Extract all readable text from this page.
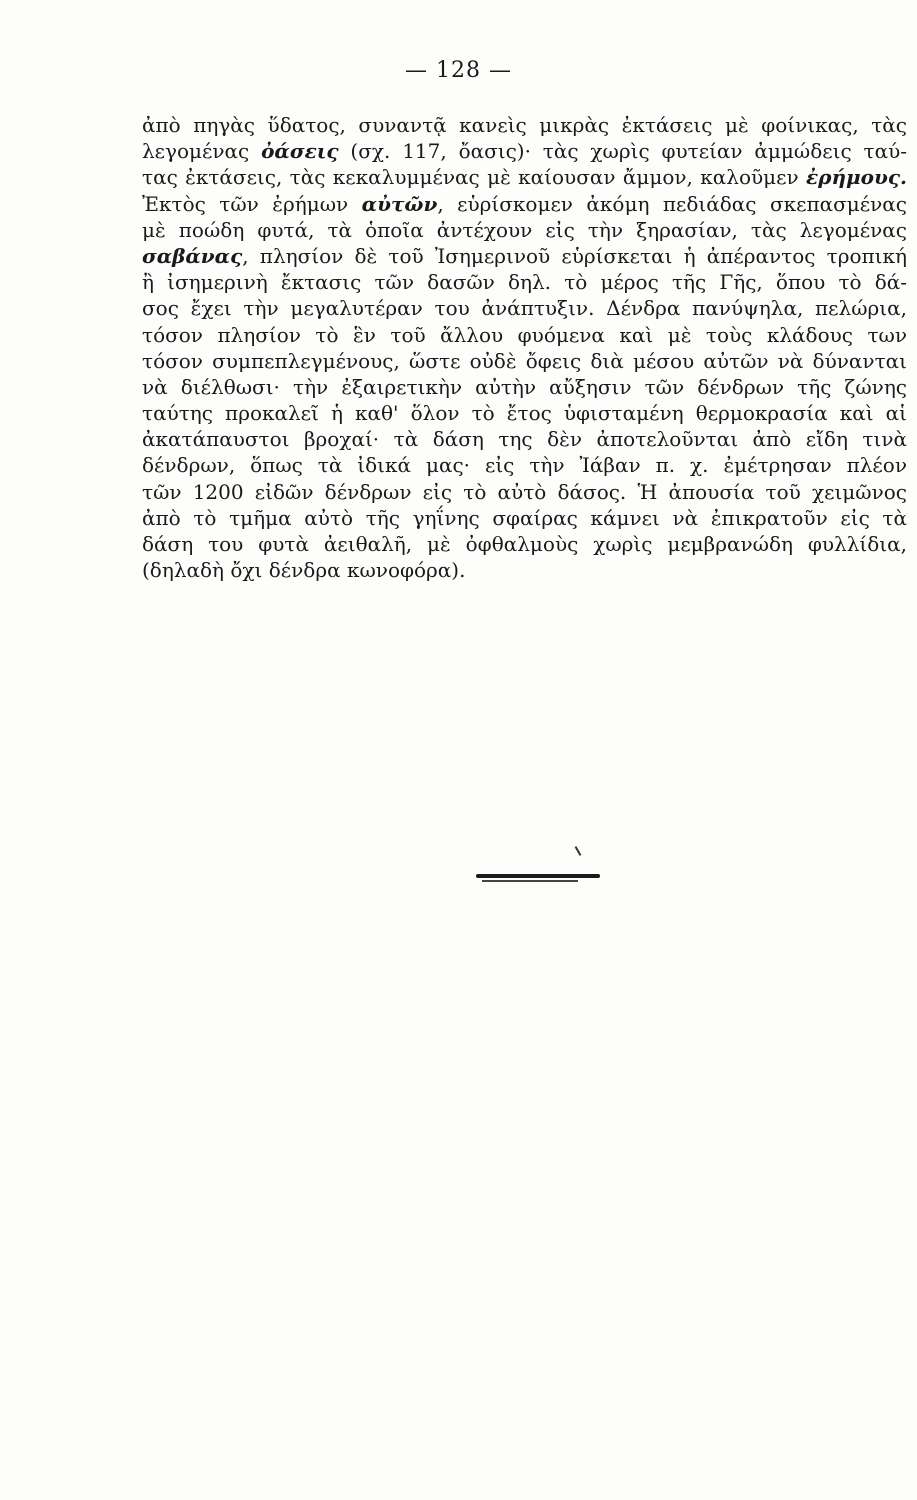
— 128 —
ἀπὸ πηγὰς ὕδατος, συναντᾷ κανεὶς μικρὰς ἐκτάσεις μὲ φοίνικας, τὰς
λεγομένας ὀάσεις (σχ. 117, ὄασις)· τὰς χωρὶς φυτείαν ἀμμώδεις ταύ-
τας ἐκτάσεις, τὰς κεκαλυμμένας μὲ καίουσαν ἄμμον, καλοῦμεν ἐρήμους.
Ἐκτὸς τῶν ἐρήμων αὐτῶν, εὑρίσκομεν ἀκόμη πεδιάδας σκεπασμένας
μὲ ποώδη φυτά, τὰ ὁποῖα ἀντέχουν εἰς τὴν ξηρασίαν, τὰς λεγομένας
σαβάνας, πλησίον δὲ τοῦ Ἰσημερινοῦ εὑρίσκεται ἡ ἀπέραντος τροπική
ἢ ἰσημερινὴ ἔκτασις τῶν δασῶν δηλ. τὸ μέρος τῆς Γῆς, ὅπου τὸ δά-
σος ἔχει τὴν μεγαλυτέραν του ἀνάπτυξιν. Δένδρα πανύψηλα, πελώρια,
τόσον πλησίον τὸ ἓν τοῦ ἄλλου φυόμενα καὶ μὲ τοὺς κλάδους των
τόσον συμπεπλεγμένους, ὥστε οὐδὲ ὄφεις διὰ μέσου αὐτῶν νὰ δύνανται
νὰ διέλθωσι· τὴν ἐξαιρετικὴν αὐτὴν αὔξησιν τῶν δένδρων τῆς ζώνης
ταύτης προκαλεῖ ἡ καθ' ὅλον τὸ ἔτος ὑφισταμένη θερμοκρασία καὶ αἱ
ἀκατάπαυστοι βροχαί· τὰ δάση της δὲν ἀποτελοῦνται ἀπὸ εἴδη τινὰ
δένδρων, ὅπως τὰ ἰδικά μας· εἰς τὴν Ἰάβαν π. χ. ἐμέτρησαν πλέον
τῶν 1200 εἰδῶν δένδρων εἰς τὸ αὐτὸ δάσος. Ἡ ἀπουσία τοῦ χειμῶνος
ἀπὸ τὸ τμῆμα αὐτὸ τῆς γηΐνης σφαίρας κάμνει νὰ ἐπικρατοῦν εἰς τὰ
δάση του φυτὰ ἀειθαλῆ, μὲ ὀφθαλμοὺς χωρὶς μεμβρανώδη φυλλίδια,
(δηλαδὴ ὄχι δένδρα κωνοφόρα).
